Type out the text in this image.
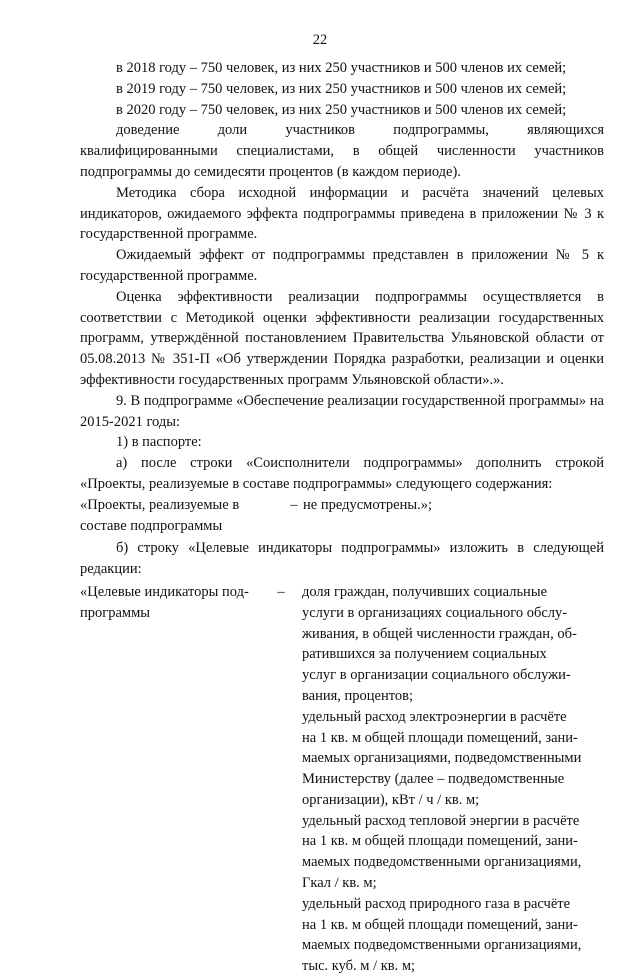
22

в 2018 году – 750 человек, из них 250 участников и 500 членов их семей;

в 2019 году – 750 человек, из них 250 участников и 500 членов их семей;

в 2020 году – 750 человек, из них 250 участников и 500 членов их семей;

доведение доли участников подпрограммы, являющихся квалифицированными специалистами, в общей численности участников подпрограммы до семидесяти процентов (в каждом периоде).

Методика сбора исходной информации и расчёта значений целевых индикаторов, ожидаемого эффекта подпрограммы приведена в приложении № 3 к государственной программе.

Ожидаемый эффект от подпрограммы представлен в приложении № 5 к государственной программе.

Оценка эффективности реализации подпрограммы осуществляется в соответствии с Методикой оценки эффективности реализации государственных программ, утверждённой постановлением Правительства Ульяновской области от 05.08.2013 № 351-П «Об утверждении Порядка разработки, реализации и оценки эффективности государственных программ Ульяновской области».».

9. В подпрограмме «Обеспечение реализации государственной программы» на 2015-2021 годы:

1) в паспорте:

а) после строки «Соисполнители подпрограммы» дополнить строкой «Проекты, реализуемые в составе подпрограммы» следующего содержания:

«Проекты, реализуемые в составе подпрограммы
– не предусмотрены.»;

б) строку «Целевые индикаторы подпрограммы» изложить в следующей редакции:

«Целевые индикаторы под-
программы
–	доля граждан, получивших социальные
услуги в организациях социального обслу-
живания, в общей численности граждан, об-
ратившихся за получением социальных
услуг в организации социального обслужи-
вания, процентов;
удельный расход электроэнергии в расчёте
на 1 кв. м общей площади помещений, зани-
маемых организациями, подведомственными
Министерству (далее – подведомственные
организации), кВт / ч / кв. м;
удельный расход тепловой энергии в расчёте
на 1 кв. м общей площади помещений, зани-
маемых подведомственными организациями,
Гкал / кв. м;
удельный расход природного газа в расчёте
на 1 кв. м общей площади помещений, зани-
маемых подведомственными организациями,
тыс. куб. м / кв. м;
